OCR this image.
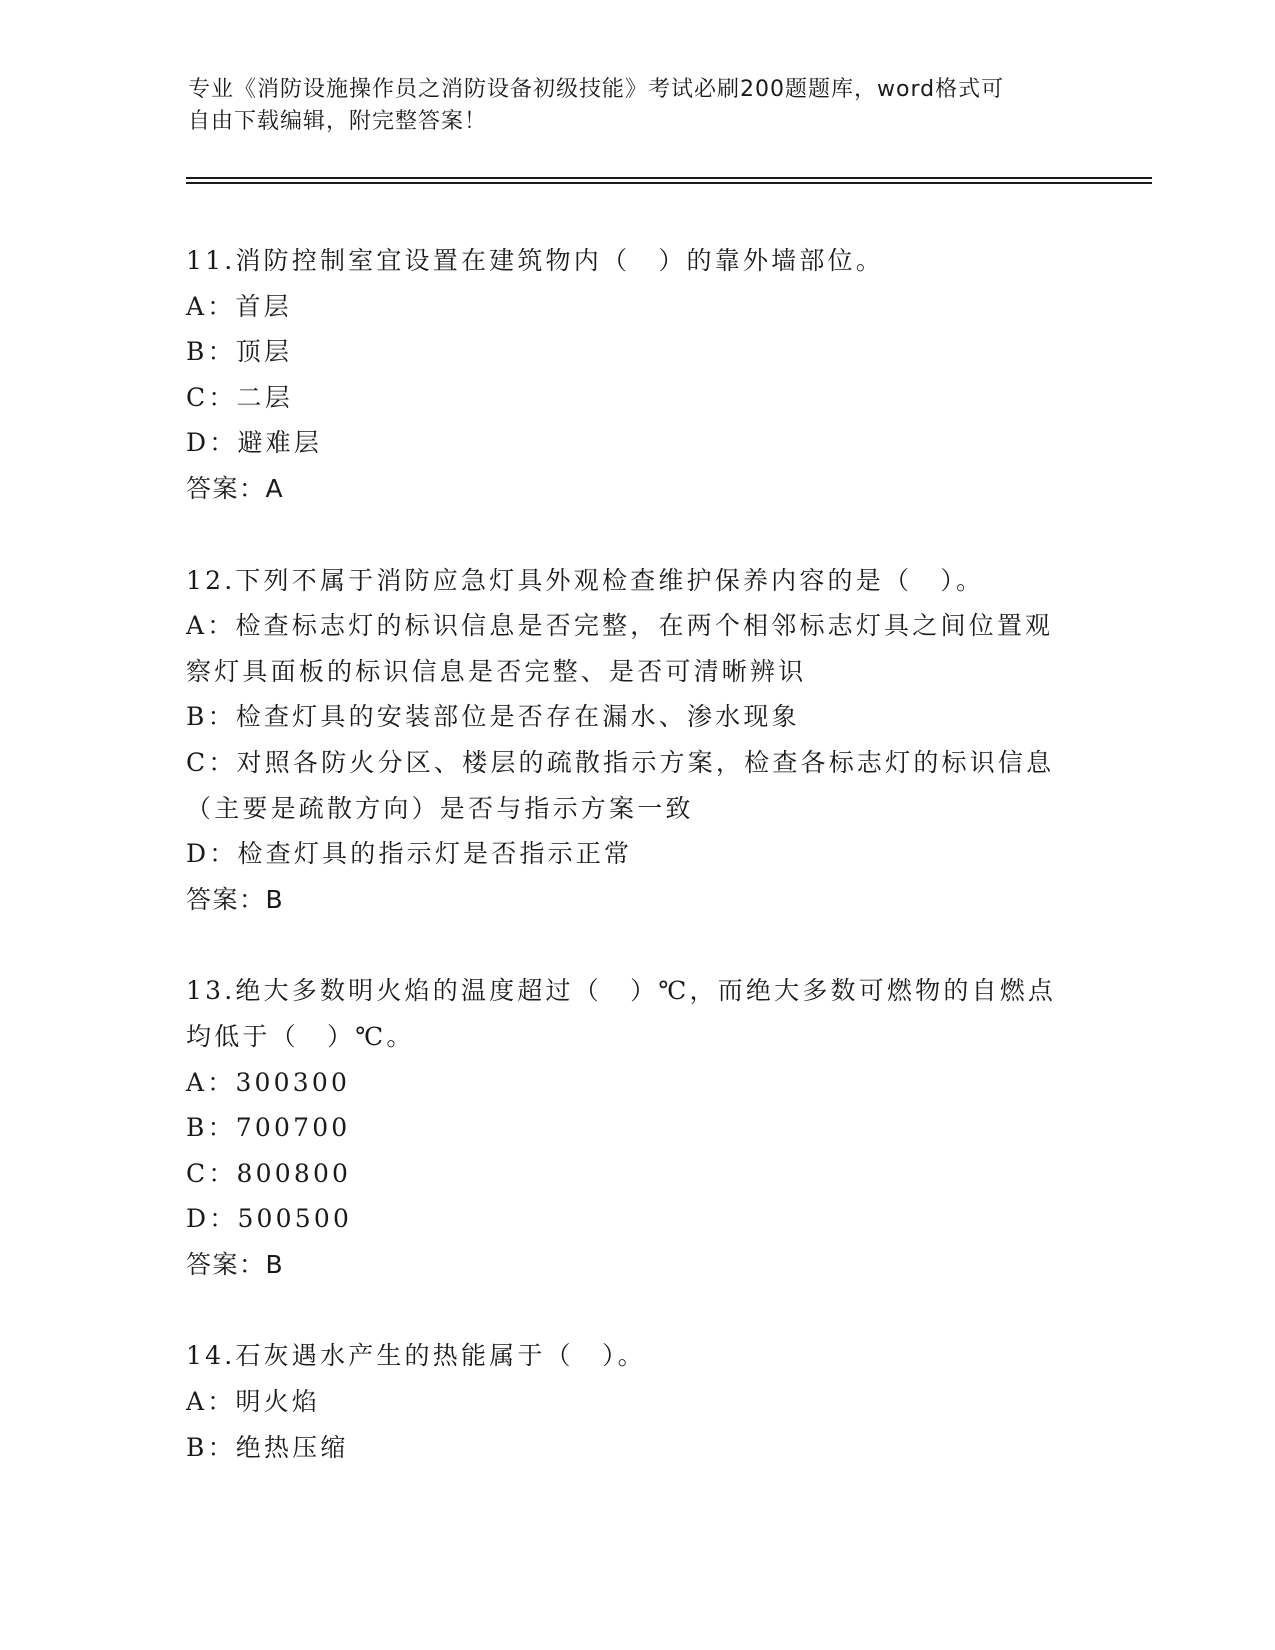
专业《消防设施操作员之消防设备初级技能》考试必刷200题题库，word格式可
自由下载编辑，附完整答案！
11.消防控制室宜设置在建筑物内（　）的靠外墙部位。
A：首层
B：顶层
C：二层
D：避难层
答案：A
12.下列不属于消防应急灯具外观检查维护保养内容的是（　）。
A：检查标志灯的标识信息是否完整，在两个相邻标志灯具之间位置观
察灯具面板的标识信息是否完整、是否可清晰辨识
B：检查灯具的安装部位是否存在漏水、渗水现象
C：对照各防火分区、楼层的疏散指示方案，检查各标志灯的标识信息
（主要是疏散方向）是否与指示方案一致
D：检查灯具的指示灯是否指示正常
答案：B
13.绝大多数明火焰的温度超过（　）℃，而绝大多数可燃物的自燃点
均低于（　）℃。
A：300300
B：700700
C：800800
D：500500
答案：B
14.石灰遇水产生的热能属于（　）。
A：明火焰
B：绝热压缩
